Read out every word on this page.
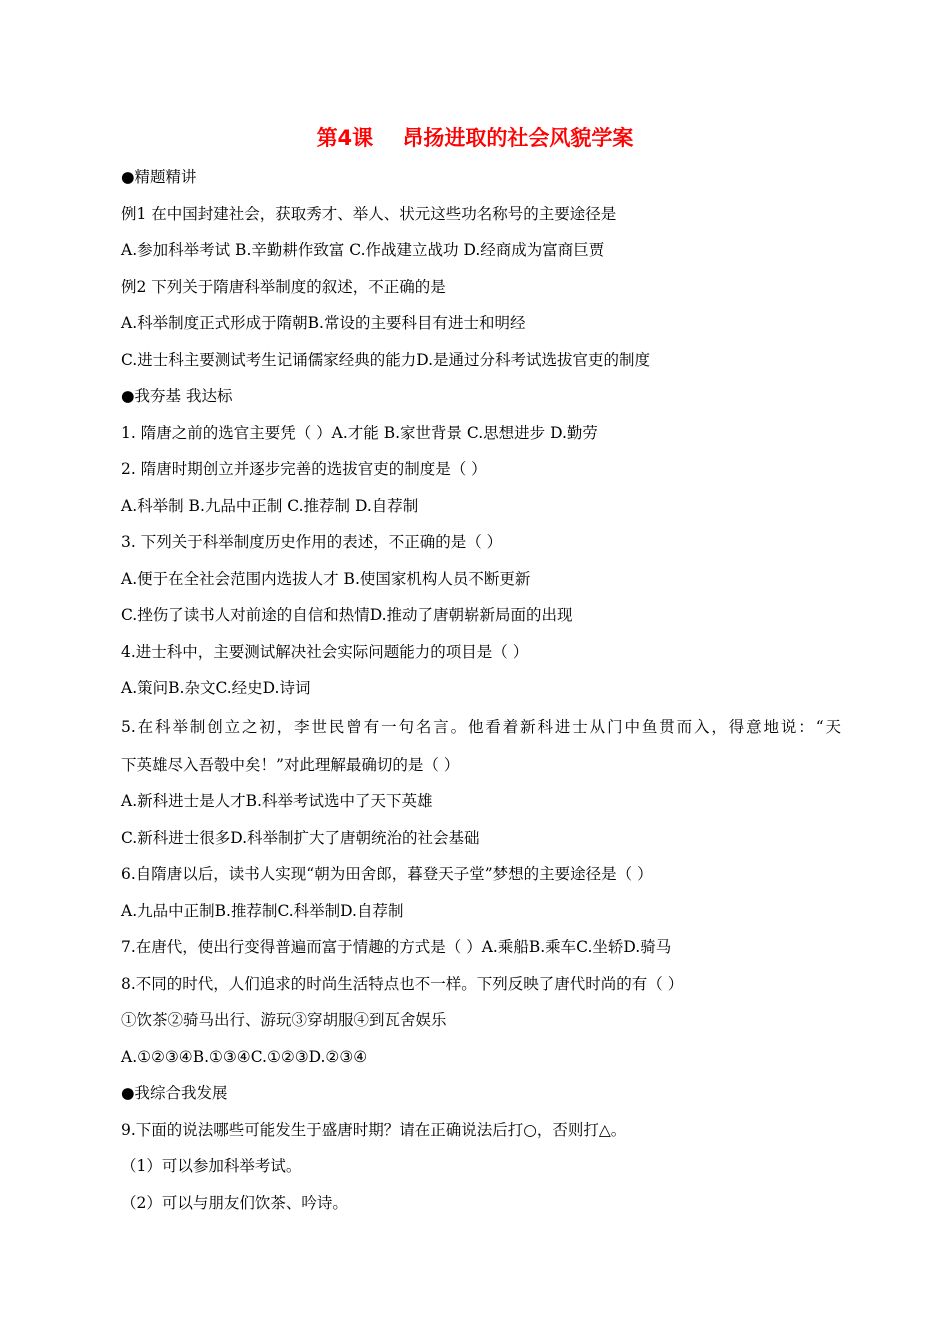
第4课    昂扬进取的社会风貌学案

●精题精讲

例1 在中国封建社会，获取秀才、举人、状元这些功名称号的主要途径是

A.参加科举考试 B.辛勤耕作致富 C.作战建立战功 D.经商成为富商巨贾

例2 下列关于隋唐科举制度的叙述，不正确的是

A.科举制度正式形成于隋朝B.常设的主要科目有进士和明经

C.进士科主要测试考生记诵儒家经典的能力D.是通过分科考试选拔官吏的制度

●我夯基 我达标

1. 隋唐之前的选官主要凭（ ）A.才能 B.家世背景 C.思想进步 D.勤劳

2. 隋唐时期创立并逐步完善的选拔官吏的制度是（ ）

A.科举制 B.九品中正制 C.推荐制 D.自荐制

3. 下列关于科举制度历史作用的表述，不正确的是（ ）

A.便于在全社会范围内选拔人才 B.使国家机构人员不断更新

C.挫伤了读书人对前途的自信和热情D.推动了唐朝崭新局面的出现

4.进士科中，主要测试解决社会实际问题能力的项目是（ ）

A.策问B.杂文C.经史D.诗词

5.在科举制创立之初，李世民曾有一句名言。他看着新科进士从门中鱼贯而入，得意地说：“天

下英雄尽入吾彀中矣！”对此理解最确切的是（ ）

A.新科进士是人才B.科举考试选中了天下英雄

C.新科进士很多D.科举制扩大了唐朝统治的社会基础

6.自隋唐以后，读书人实现“朝为田舍郎，暮登天子堂”梦想的主要途径是（ ）

A.九品中正制B.推荐制C.科举制D.自荐制

7.在唐代，使出行变得普遍而富于情趣的方式是（ ）A.乘船B.乘车C.坐轿D.骑马

8.不同的时代，人们追求的时尚生活特点也不一样。下列反映了唐代时尚的有（ ）

①饮茶②骑马出行、游玩③穿胡服④到瓦舍娱乐

A.①②③④B.①③④C.①②③D.②③④

●我综合我发展

9.下面的说法哪些可能发生于盛唐时期？请在正确说法后打○，否则打△。

（1）可以参加科举考试。

（2）可以与朋友们饮茶、吟诗。
